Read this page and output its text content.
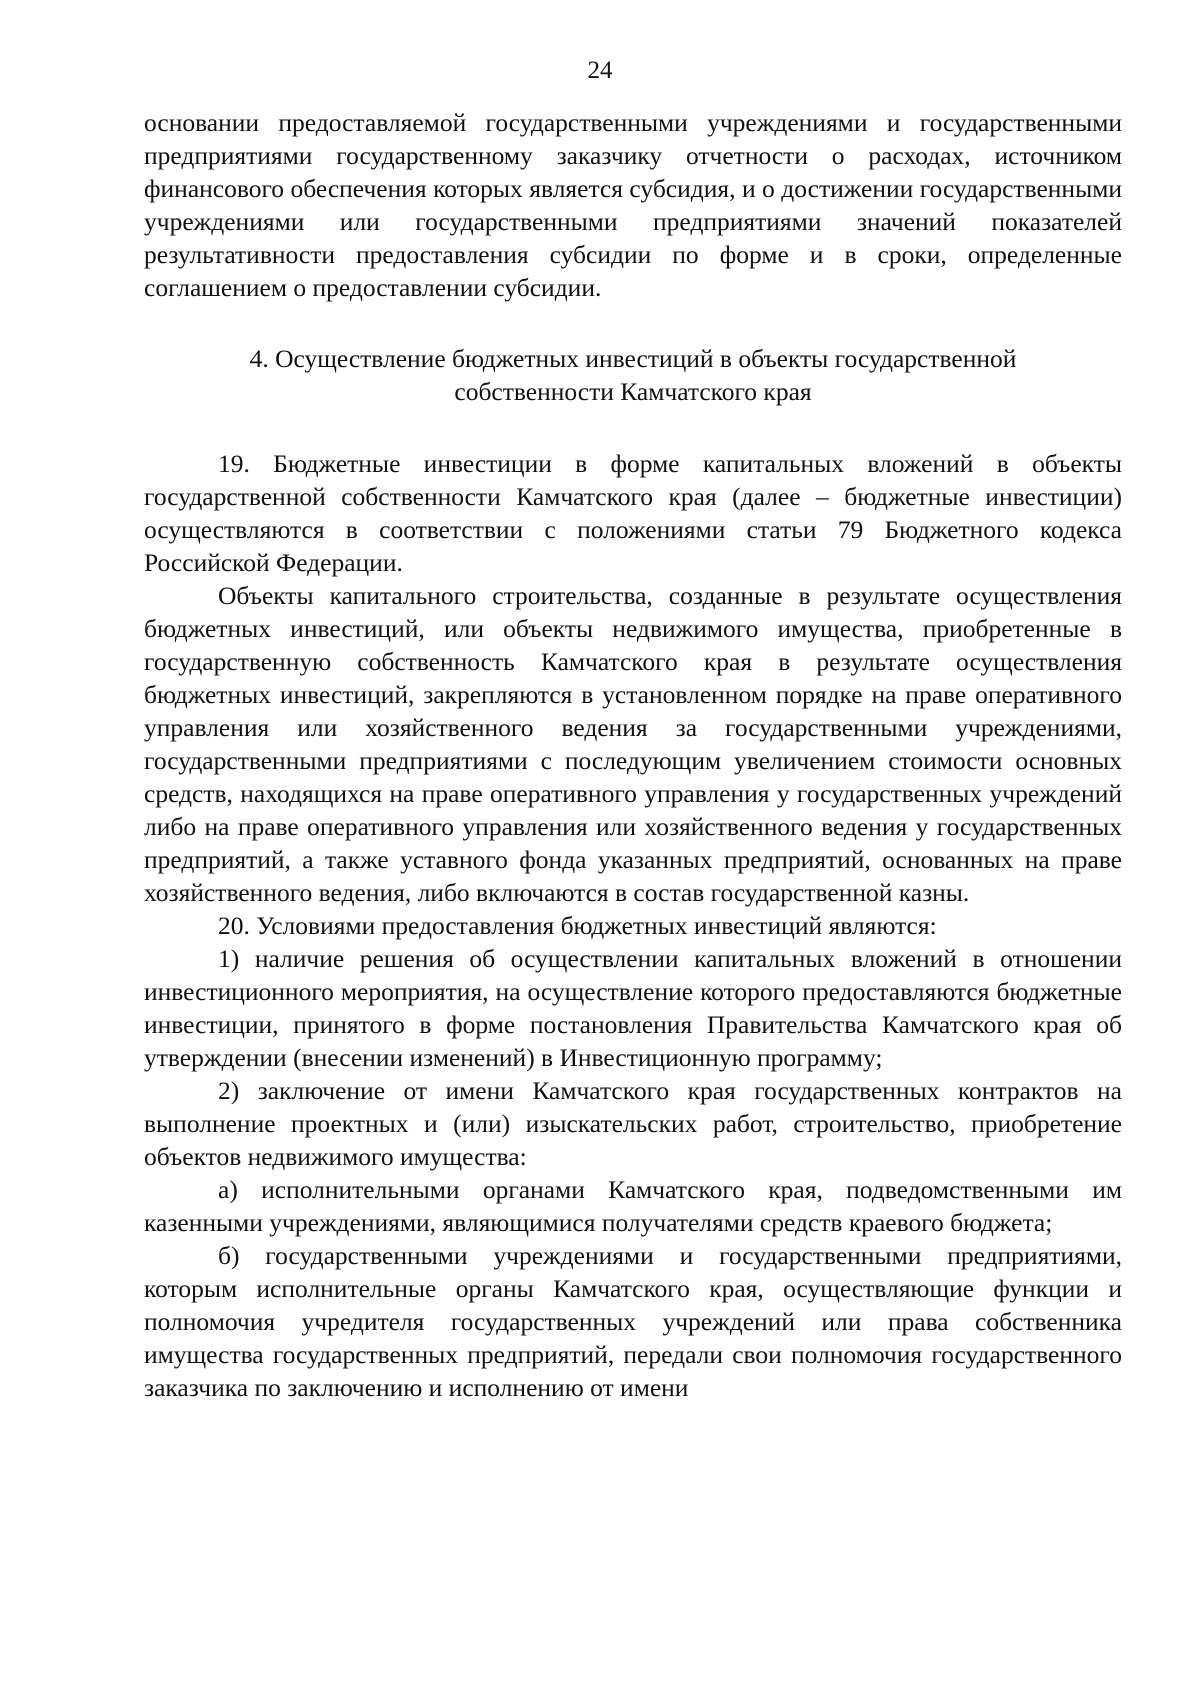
24

основании предоставляемой государственными учреждениями и государственными предприятиями государственному заказчику отчетности о расходах, источником финансового обеспечения которых является субсидия, и о достижении государственными учреждениями или государственными предприятиями значений показателей результативности предоставления субсидии по форме и в сроки, определенные соглашением о предоставлении субсидии.

4. Осуществление бюджетных инвестиций в объекты государственной
собственности Камчатского края

19. Бюджетные инвестиции в форме капитальных вложений в объекты государственной собственности Камчатского края (далее – бюджетные инвестиции) осуществляются в соответствии с положениями статьи 79 Бюджетного кодекса Российской Федерации.

Объекты капитального строительства, созданные в результате осуществления бюджетных инвестиций, или объекты недвижимого имущества, приобретенные в государственную собственность Камчатского края в результате осуществления бюджетных инвестиций, закрепляются в установленном порядке на праве оперативного управления или хозяйственного ведения за государственными учреждениями, государственными предприятиями с последующим увеличением стоимости основных средств, находящихся на праве оперативного управления у государственных учреждений либо на праве оперативного управления или хозяйственного ведения у государственных предприятий, а также уставного фонда указанных предприятий, основанных на праве хозяйственного ведения, либо включаются в состав государственной казны.

20. Условиями предоставления бюджетных инвестиций являются:

1) наличие решения об осуществлении капитальных вложений в отношении инвестиционного мероприятия, на осуществление которого предоставляются бюджетные инвестиции, принятого в форме постановления Правительства Камчатского края об утверждении (внесении изменений) в Инвестиционную программу;

2) заключение от имени Камчатского края государственных контрактов на выполнение проектных и (или) изыскательских работ, строительство, приобретение объектов недвижимого имущества:

а) исполнительными органами Камчатского края, подведомственными им казенными учреждениями, являющимися получателями средств краевого бюджета;

б) государственными учреждениями и государственными предприятиями, которым исполнительные органы Камчатского края, осуществляющие функции и полномочия учредителя государственных учреждений или права собственника имущества государственных предприятий, передали свои полномочия государственного заказчика по заключению и исполнению от имени
